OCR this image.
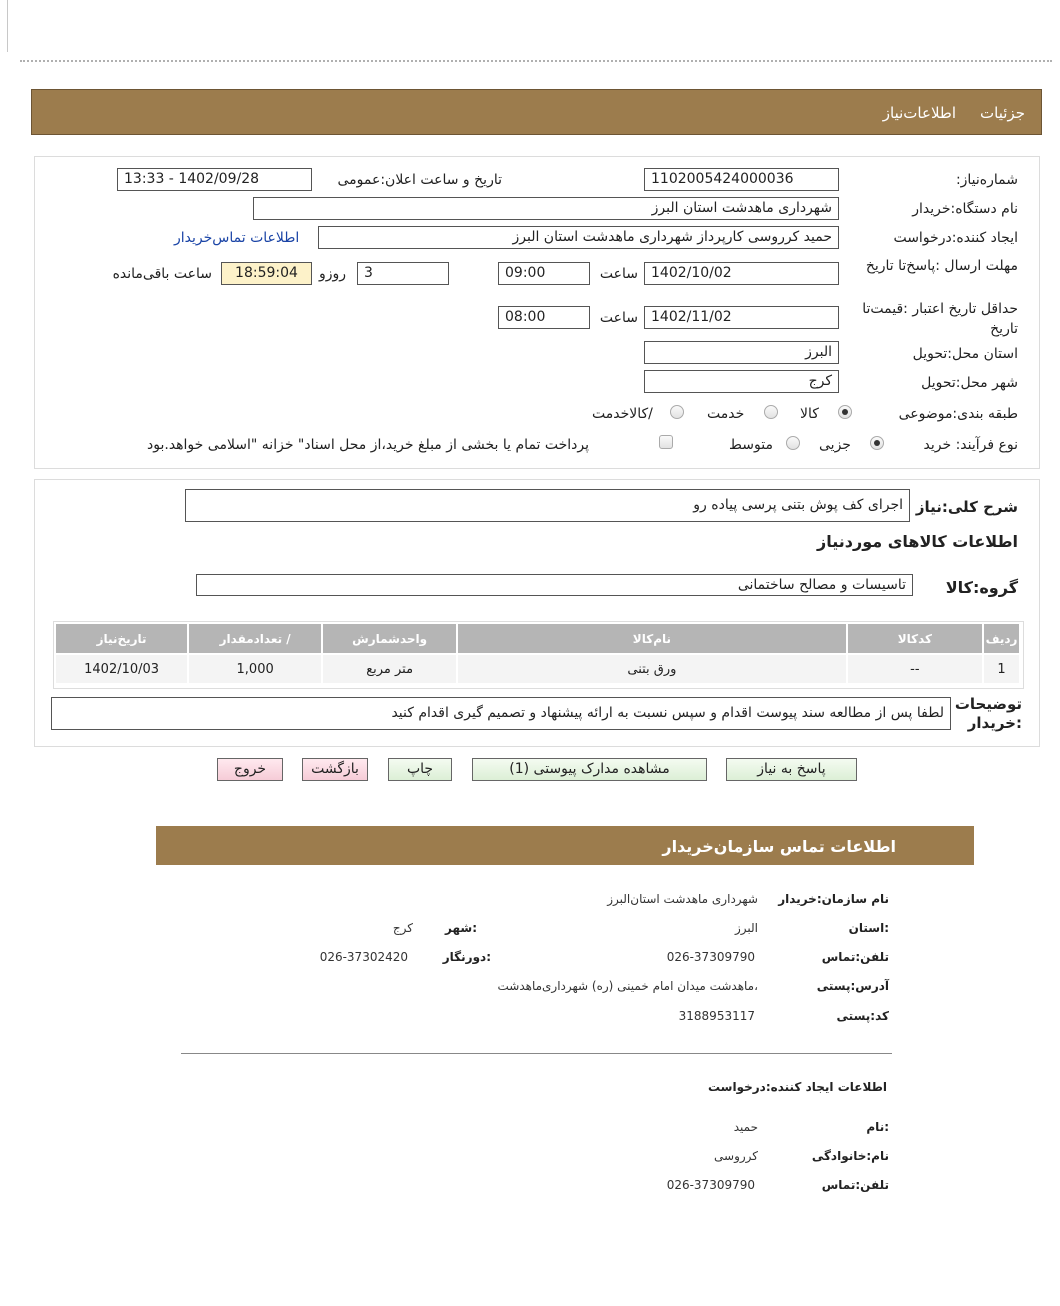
جزئیات
اطلاعات‌نیاز
شماره‌نیاز:
1102005424000036
تاریخ و ساعت اعلان:عمومی
1402/09/28 - 13:33
نام دستگاه:خریدار
شهرداری ماهدشت استان البرز
ایجاد کننده:درخواست
حمید کرروسی کارپرداز شهرداری ماهدشت استان البرز
اطلاعات تماس‌خریدار
مهلت ارسال :پاسخ‌تا تاریخ
1402/10/02
ساعت
09:00
3
روزو
18:59:04
ساعت باقی‌مانده
حداقل تاریخ اعتبار :قیمت‌تا تاریخ
1402/11/02
ساعت
08:00
استان محل:تحویل
البرز
شهر محل:تحویل
کرج
طبقه بندی:موضوعی
کالا
خدمت
/کالاخدمت
نوع فرآیند: خرید
جزیی
متوسط
پرداخت تمام یا بخشی از مبلغ خرید،از محل اسناد" خزانه "اسلامی خواهد.بود
شرح کلی:نیاز
اجرای کف پوش بتنی پرسی پیاده رو
اطلاعات کالاهای موردنیاز
گروه:کالا
تاسیسات و مصالح ساختمانی
ردیف	کدکالا	نام‌کالا	واحدشمارش	/ تعدادمقدار	تاریخ‌نیاز
1	--	ورق بتنی	متر مربع	1,000	1402/10/03
توضیحات :خریدار
لطفا پس از مطالعه سند پیوست اقدام و سپس نسبت به ارائه پیشنهاد و تصمیم گیری اقدام کنید
پاسخ به نیاز
مشاهده مدارک پیوستی (1)
چاپ
بازگشت
خروج
اطلاعات تماس سازمان‌خریدار
نام سازمان:خریدار
شهرداری ماهدشت استان‌البرز
:استان
البرز
:شهر
کرج
تلفن:تماس
026-37309790
:دورنگار
026-37302420
آدرس:پستی
،ماهدشت میدان امام خمینی (ره) شهرداری‌ماهدشت
کد:پستی
3188953117
اطلاعات ایجاد کننده:درخواست
:نام
حمید
نام:خانوادگی
کرروسی
تلفن:تماس
026-37309790
